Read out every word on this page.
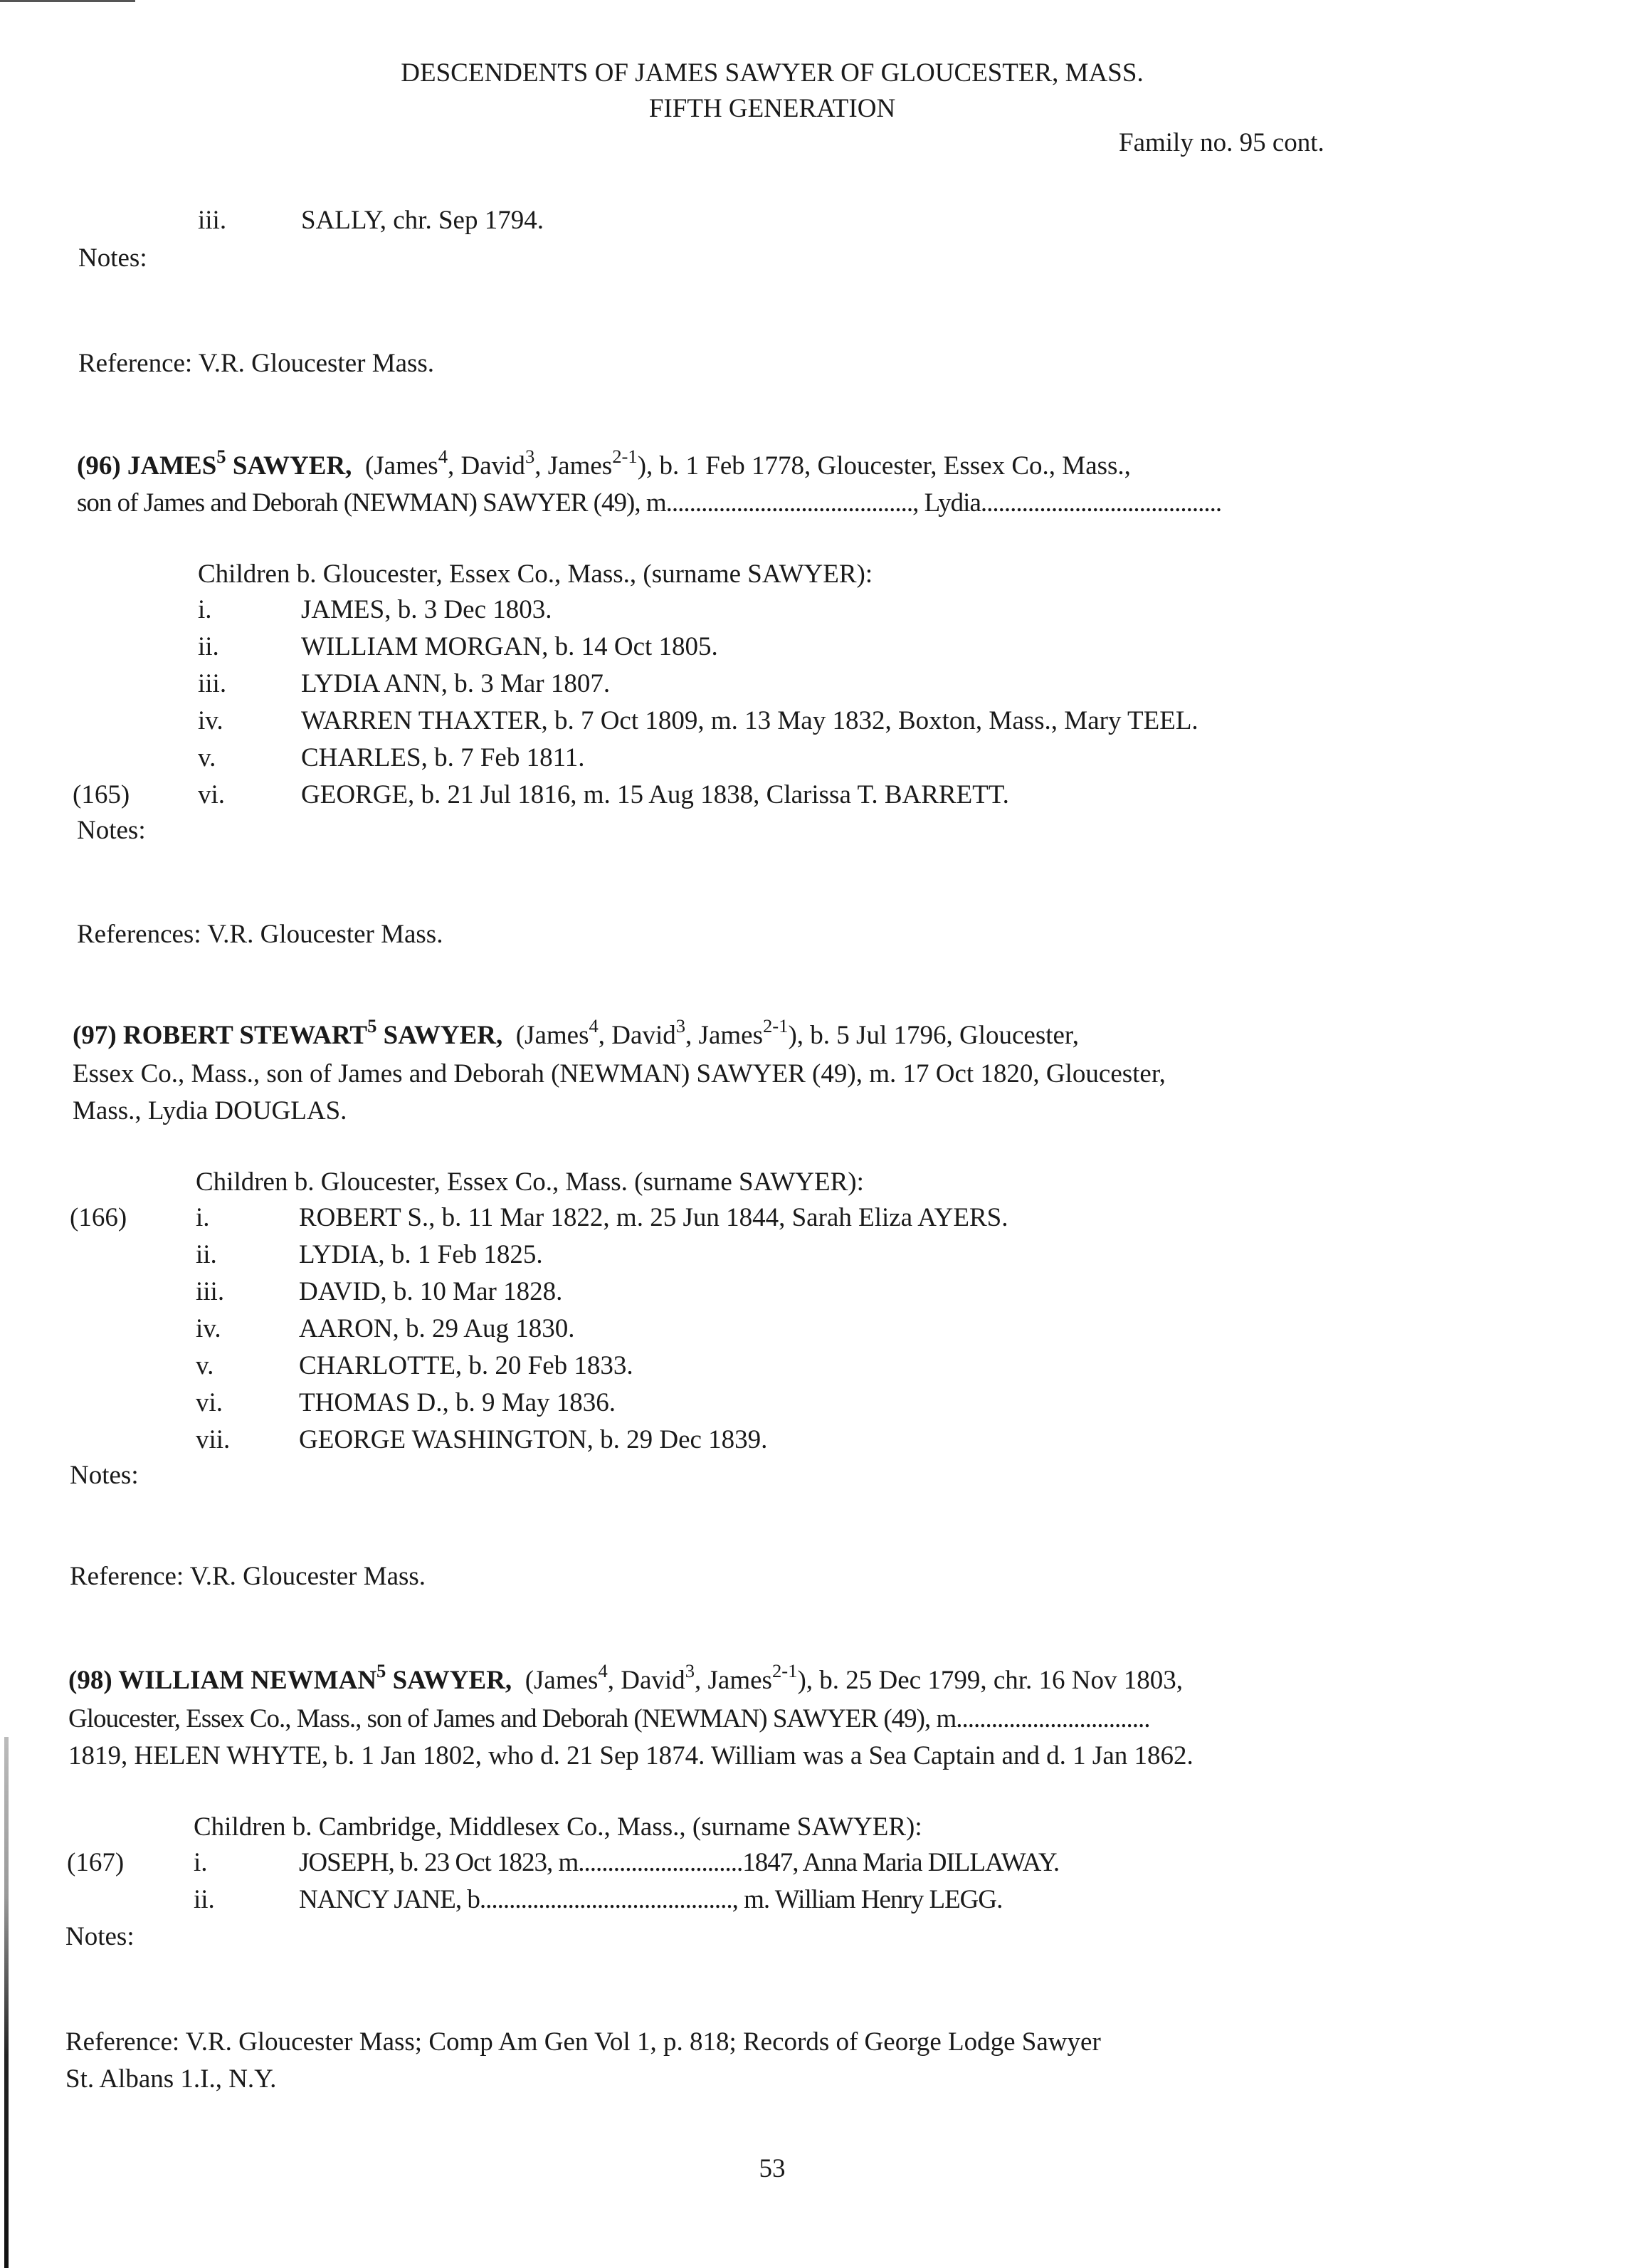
DESCENDENTS OF JAMES SAWYER OF GLOUCESTER, MASS.
FIFTH GENERATION
Family no. 95 cont.
iii.	SALLY, chr. Sep 1794.
Notes:
Reference: V.R. Gloucester Mass.
(96) JAMES$^5$ SAWYER, (James$^4$, David$^3$, James$^{2-1}$), b. 1 Feb 1778, Gloucester, Essex Co., Mass.,
son of James and Deborah (NEWMAN) SAWYER (49), m.........................................., Lydia.........................................
Children b. Gloucester, Essex Co., Mass., (surname SAWYER):
(165)
i.	JAMES, b. 3 Dec 1803.
ii.	WILLIAM MORGAN, b. 14 Oct 1805.
iii.	LYDIA ANN, b. 3 Mar 1807.
iv.	WARREN THAXTER, b. 7 Oct 1809, m. 13 May 1832, Boxton, Mass., Mary TEEL.
v.	CHARLES, b. 7 Feb 1811.
vi.	GEORGE, b. 21 Jul 1816, m. 15 Aug 1838, Clarissa T. BARRETT.
Notes:
References: V.R. Gloucester Mass.
(97) ROBERT STEWART$^5$ SAWYER, (James$^4$, David$^3$, James$^{2-1}$), b. 5 Jul 1796, Gloucester,
Essex Co., Mass., son of James and Deborah (NEWMAN) SAWYER (49), m. 17 Oct 1820, Gloucester,
Mass., Lydia DOUGLAS.
Children b. Gloucester, Essex Co., Mass. (surname SAWYER):
(166)	i.	ROBERT S., b. 11 Mar 1822, m. 25 Jun 1844, Sarah Eliza AYERS.
ii.	LYDIA, b. 1 Feb 1825.
iii.	DAVID, b. 10 Mar 1828.
iv.	AARON, b. 29 Aug 1830.
v.	CHARLOTTE, b. 20 Feb 1833.
vi.	THOMAS D., b. 9 May 1836.
vii.	GEORGE WASHINGTON, b. 29 Dec 1839.
Notes:
Reference: V.R. Gloucester Mass.
(98) WILLIAM NEWMAN$^5$ SAWYER, (James$^4$, David$^3$, James$^{2-1}$), b. 25 Dec 1799, chr. 16 Nov 1803,
Gloucester, Essex Co., Mass., son of James and Deborah (NEWMAN) SAWYER (49), m.................................
1819, HELEN WHYTE, b. 1 Jan 1802, who d. 21 Sep 1874. William was a Sea Captain and d. 1 Jan 1862.
Children b. Cambridge, Middlesex Co., Mass., (surname SAWYER):
(167)	i.	JOSEPH, b. 23 Oct 1823, m............................1847, Anna Maria DILLAWAY.
ii.	NANCY JANE, b..........................................., m. William Henry LEGG.
Notes:
Reference: V.R. Gloucester Mass; Comp Am Gen Vol 1, p. 818; Records of George Lodge Sawyer
St. Albans 1.I., N.Y.
53
